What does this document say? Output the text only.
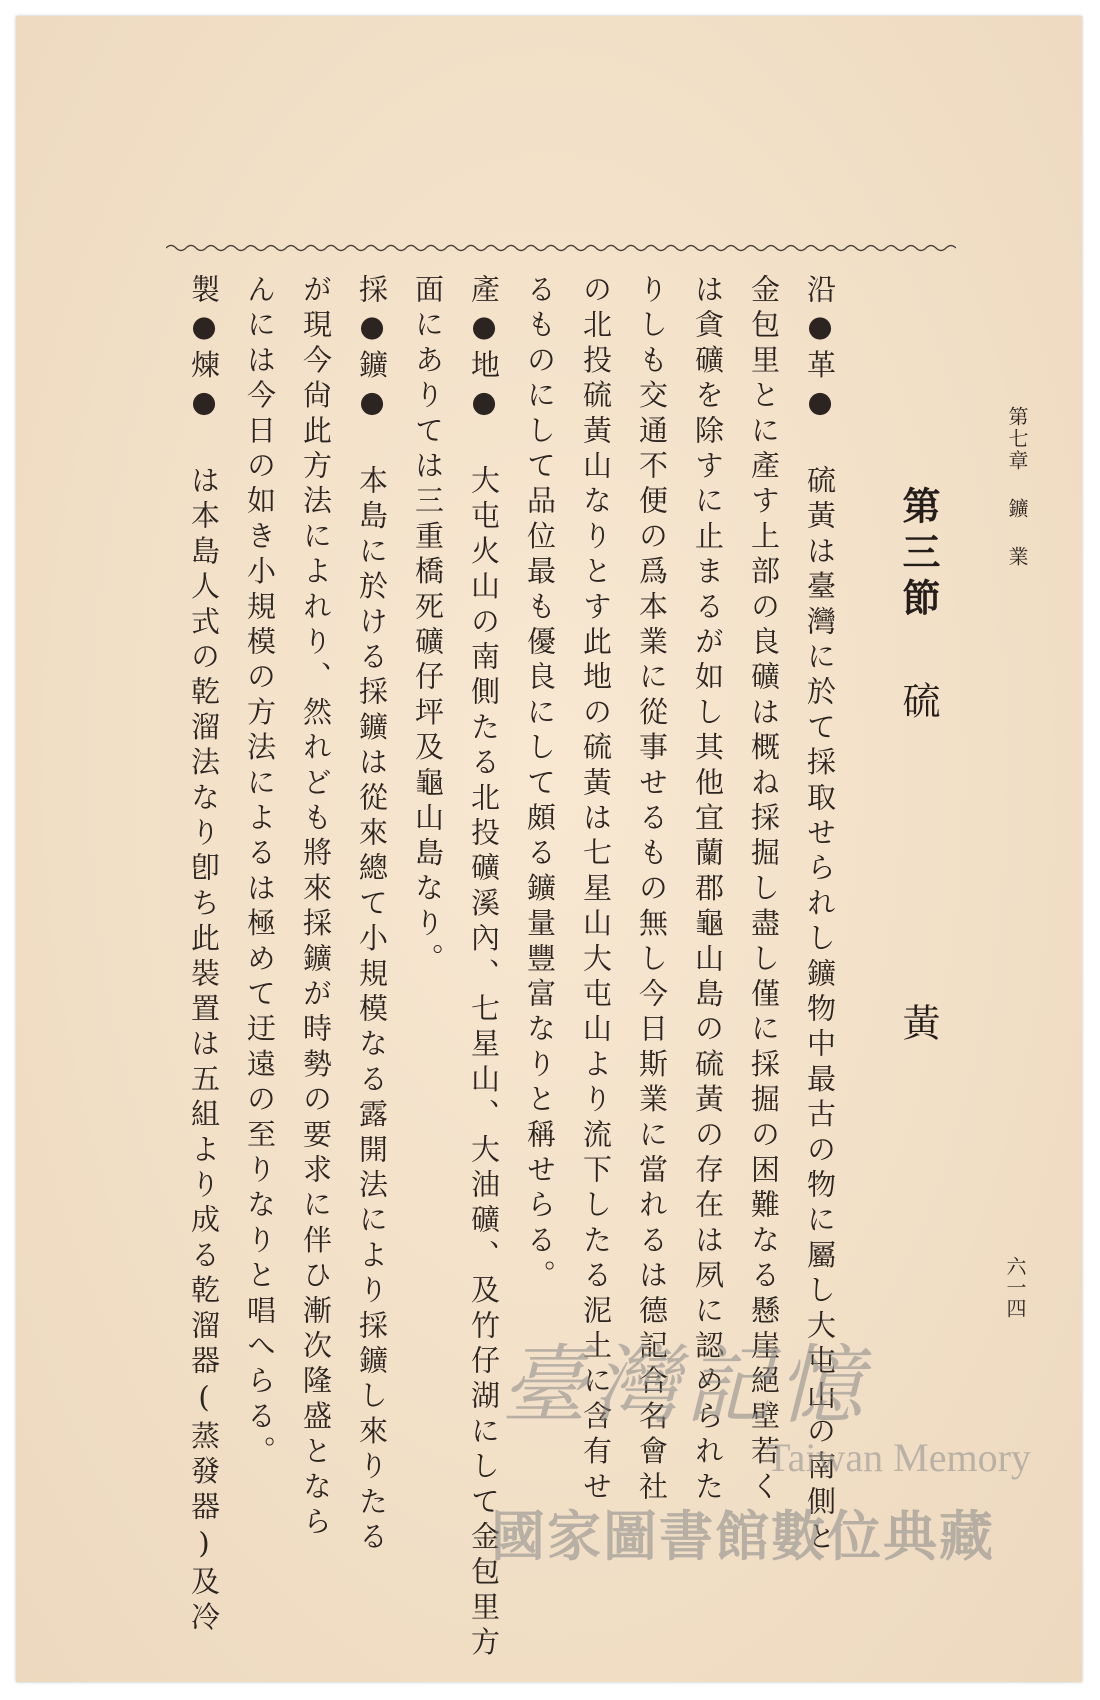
第七章 鑛 業
六一四
第三節
硫 黃
沿●革● 硫黃は臺灣に於て採取せられし鑛物中最古の物に屬し大屯山の南側と
金包里とに產す上部の良礦は概ね採掘し盡し僅に採掘の困難なる懸崖絕壁若く
は貪礦を除すに止まるが如し其他宜蘭郡龜山島の硫黃の存在は夙に認められた
りしも交通不便の爲本業に從事せるもの無し今日斯業に當れるは德記合名會社
の北投硫黃山なりとす此地の硫黃は七星山大屯山より流下したる泥土に含有せ
るものにして品位最も優良にして頗る鑛量豐富なりと稱せらる。
產●地● 大屯火山の南側たる北投礦溪內、七星山、大油礦、及竹仔湖にして金包里方
面にありては三重橋死礦仔坪及龜山島なり。
採●鑛● 本島に於ける採鑛は從來總て小規模なる露開法により採鑛し來りたる
が現今尙此方法によれり、然れども將來採鑛が時勢の要求に伴ひ漸次隆盛となら
んには今日の如き小規模の方法によるは極めて迂遠の至りなりと唱へらる。
製●煉● は本島人式の乾溜法なり卽ち此裝置は五組より成る乾溜器(蒸發器)及冷	臺灣記憶
Taiwan Memory
國家圖書館數位典藏
